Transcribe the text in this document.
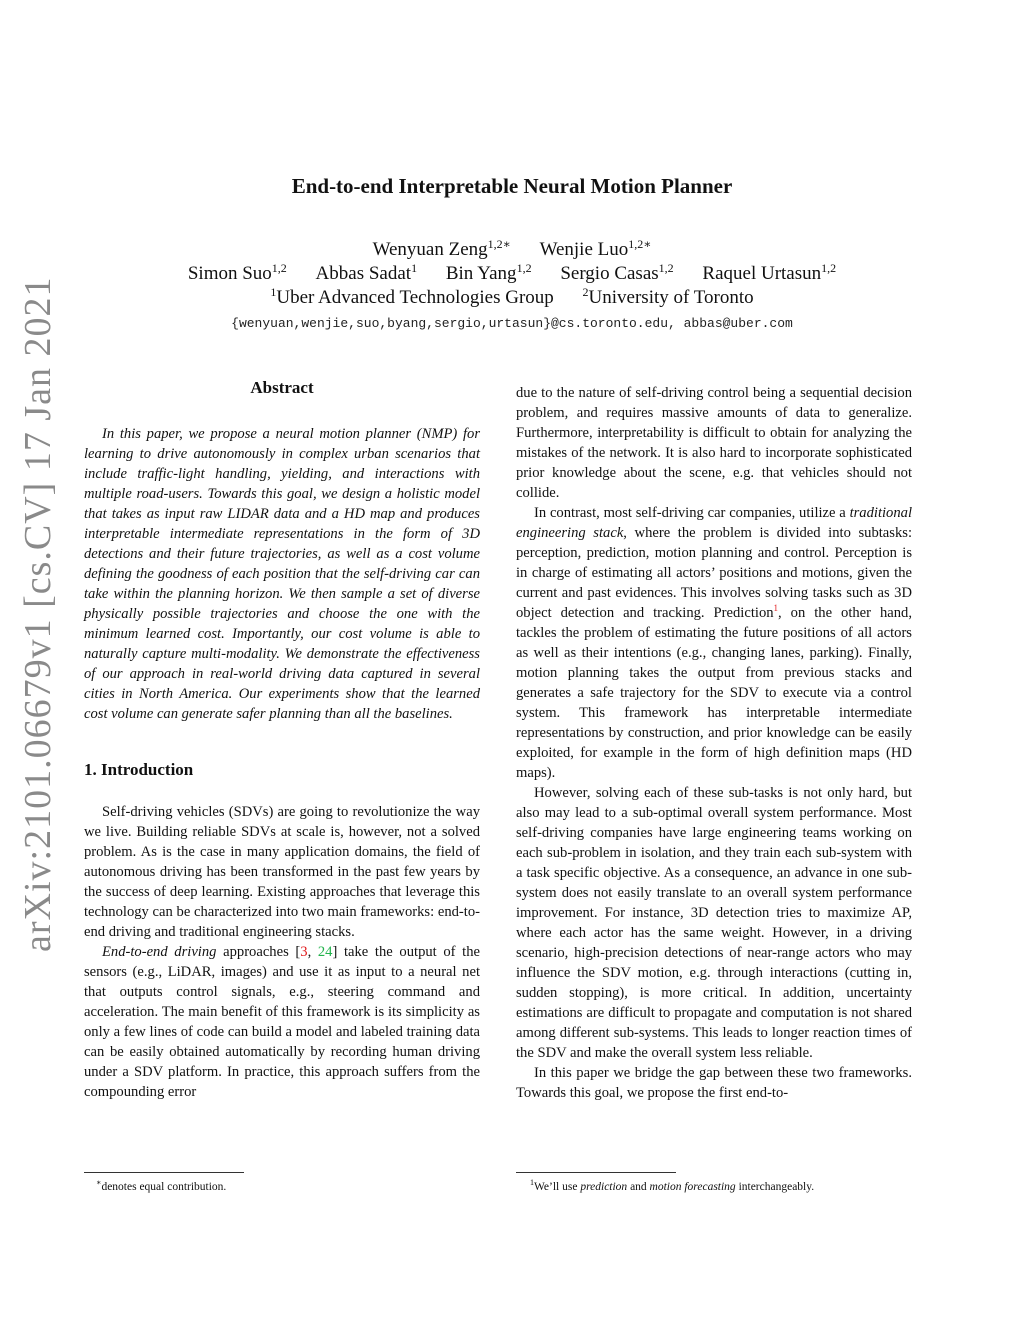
arXiv:2101.06679v1 [cs.CV] 17 Jan 2021
End-to-end Interpretable Neural Motion Planner
Wenyuan Zeng$^{1,2∗}$ Wenjie Luo$^{1,2∗}$
Simon Suo$^{1,2}$ Abbas Sadat$^1$ Bin Yang$^{1,2}$ Sergio Casas$^{1,2}$ Raquel Urtasun$^{1,2}$
$^1$Uber Advanced Technologies Group $^2$University of Toronto
{wenyuan,wenjie,suo,byang,sergio,urtasun}@cs.toronto.edu, abbas@uber.com
Abstract

In this paper, we propose a neural motion planner (NMP) for learning to drive autonomously in complex urban scenarios that include traffic-light handling, yielding, and interactions with multiple road-users. Towards this goal, we design a holistic model that takes as input raw LIDAR data and a HD map and produces interpretable intermediate representations in the form of 3D detections and their future trajectories, as well as a cost volume defining the goodness of each position that the self-driving car can take within the planning horizon. We then sample a set of diverse physically possible trajectories and choose the one with the minimum learned cost. Importantly, our cost volume is able to naturally capture multi-modality. We demonstrate the effectiveness of our approach in real-world driving data captured in several cities in North America. Our experiments show that the learned cost volume can generate safer planning than all the baselines.

1. Introduction

Self-driving vehicles (SDVs) are going to revolutionize the way we live. Building reliable SDVs at scale is, however, not a solved problem. As is the case in many application domains, the field of autonomous driving has been transformed in the past few years by the success of deep learning. Existing approaches that leverage this technology can be characterized into two main frameworks: end-to-end driving and traditional engineering stacks.

End-to-end driving approaches [3, 24] take the output of the sensors (e.g., LiDAR, images) and use it as input to a neural net that outputs control signals, e.g., steering command and acceleration. The main benefit of this framework is its simplicity as only a few lines of code can build a model and labeled training data can be easily obtained automatically by recording human driving under a SDV platform. In practice, this approach suffers from the compounding error

due to the nature of self-driving control being a sequential decision problem, and requires massive amounts of data to generalize. Furthermore, interpretability is difficult to obtain for analyzing the mistakes of the network. It is also hard to incorporate sophisticated prior knowledge about the scene, e.g. that vehicles should not collide.

In contrast, most self-driving car companies, utilize a traditional engineering stack, where the problem is divided into subtasks: perception, prediction, motion planning and control. Perception is in charge of estimating all actors’ positions and motions, given the current and past evidences. This involves solving tasks such as 3D object detection and tracking. Prediction$^1$, on the other hand, tackles the problem of estimating the future positions of all actors as well as their intentions (e.g., changing lanes, parking). Finally, motion planning takes the output from previous stacks and generates a safe trajectory for the SDV to execute via a control system. This framework has interpretable intermediate representations by construction, and prior knowledge can be easily exploited, for example in the form of high definition maps (HD maps).

However, solving each of these sub-tasks is not only hard, but also may lead to a sub-optimal overall system performance. Most self-driving companies have large engineering teams working on each sub-problem in isolation, and they train each sub-system with a task specific objective. As a consequence, an advance in one sub-system does not easily translate to an overall system performance improvement. For instance, 3D detection tries to maximize AP, where each actor has the same weight. However, in a driving scenario, high-precision detections of near-range actors who may influence the SDV motion, e.g. through interactions (cutting in, sudden stopping), is more critical. In addition, uncertainty estimations are difficult to propagate and computation is not shared among different sub-systems. This leads to longer reaction times of the SDV and make the overall system less reliable.

In this paper we bridge the gap between these two frameworks. Towards this goal, we propose the first end-to-

∗denotes equal contribution.	$^1$We’ll use prediction and motion forecasting interchangeably.
